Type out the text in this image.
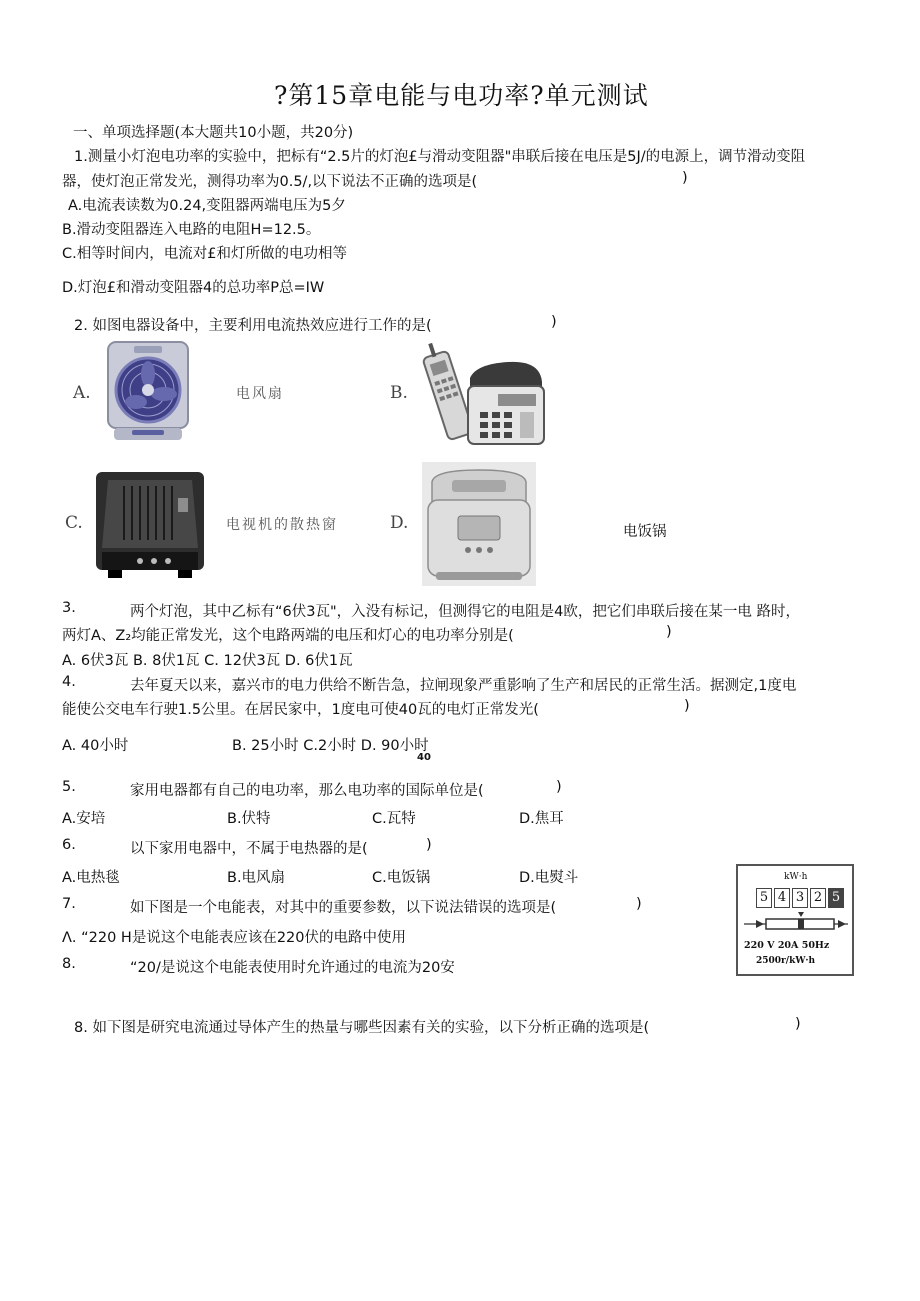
?第15章电能与电功率?单元测试
一、单项选择题(本大题共10小题，共20分)
1.测量小灯泡电功率的实验中，把标有“2.5片的灯泡£与滑动变阻器"串联后接在电压是5J/的电源上，调节滑动变阻
器，使灯泡正常发光，测得功率为0.5/,以下说法不正确的选项是(	)
A.电流表读数为0.24,变阻器两端电压为5夕
B.滑动变阻器连入电路的电阻H=12.5。
C.相等时间内，电流对£和灯所做的电功相等
D.灯泡£和滑动变阻器4的总功率P总=IW
2. 如图电器设备中，主要利用电流热效应进行工作的是(	)
A.	电风扇	B.
C.	电视机的散热窗	D.	电饭锅
3.	两个灯泡，其中乙标有“6伏3瓦"，入没有标记，但测得它的电阻是4欧，把它们串联后接在某一电 路时，
两灯A、Z₂均能正常发光，这个电路两端的电压和灯心的电功率分别是(	)
A. 6伏3瓦 B. 8伏1瓦 C. 12伏3瓦 D. 6伏1瓦
4.	去年夏天以来，嘉兴市的电力供给不断告急，拉闸现象严重影响了生产和居民的正常生活。据测定,1度电
能使公交电车行驶1.5公里。在居民家中，1度电可使40瓦的电灯正常发光(	)
A. 40小时	B. 25小时 C.2小时 D. 90小时
40
5.	家用电器都有自己的电功率，那么电功率的国际单位是(	)
A.安培	B.伏特	C.瓦特	D.焦耳
6.	以下家用电器中，不属于电热器的是(	)
A.电热毯	B.电风扇	C.电饭锅	D.电熨斗
7.	如下图是一个电能表，对其中的重要参数，以下说法错误的选项是(	)
Λ. “220 H是说这个电能表应该在220伏的电路中使用
8.	“20/是说这个电能表使用时允许通过的电流为20安
kW·h
5 4 3 2 5
220 V 20A 50Hz
2500r/kW·h
8. 如下图是研究电流通过导体产生的热量与哪些因素有关的实验，以下分析正确的选项是(	)
